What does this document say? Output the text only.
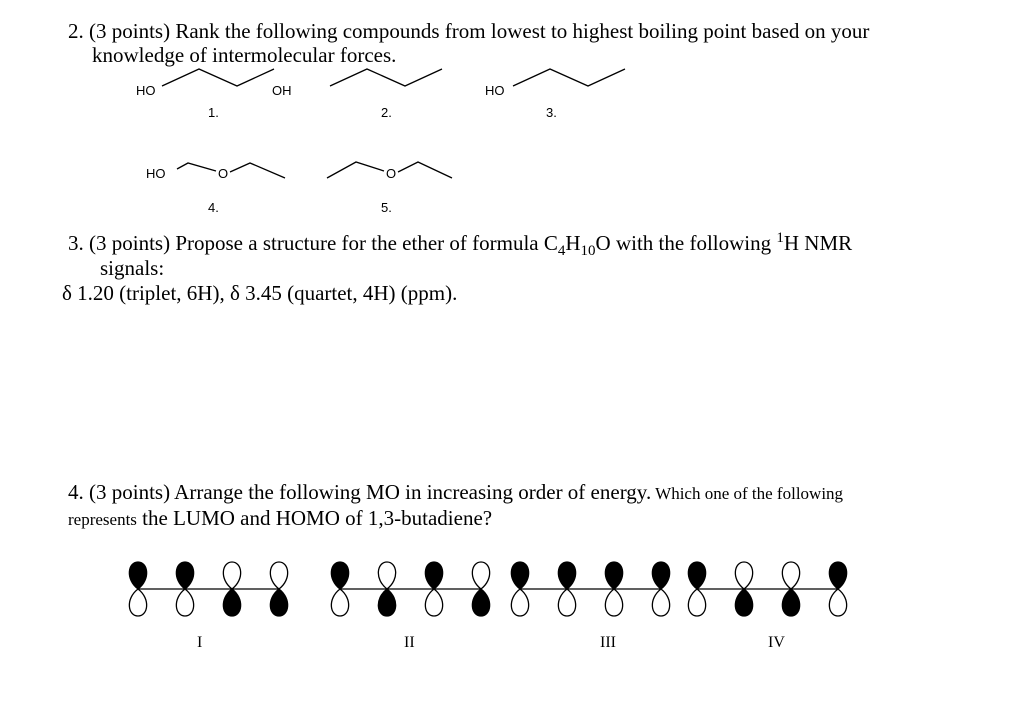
2. (3 points) Rank the following compounds from lowest to highest boiling point based on your
knowledge of intermolecular forces.
HO	OH
1.	2.
HO
3.
HO	O
4.
O
5.
3. (3 points) Propose a structure for the ether of formula $C_4H_{10}O$ with the following $^1$H NMR
signals:
δ 1.20 (triplet, 6H), δ 3.45 (quartet, 4H) (ppm).
4. (3 points) Arrange the following MO in increasing order of energy. Which one of the following
represents the LUMO and HOMO of 1,3-butadiene?
I	II	III	IV
